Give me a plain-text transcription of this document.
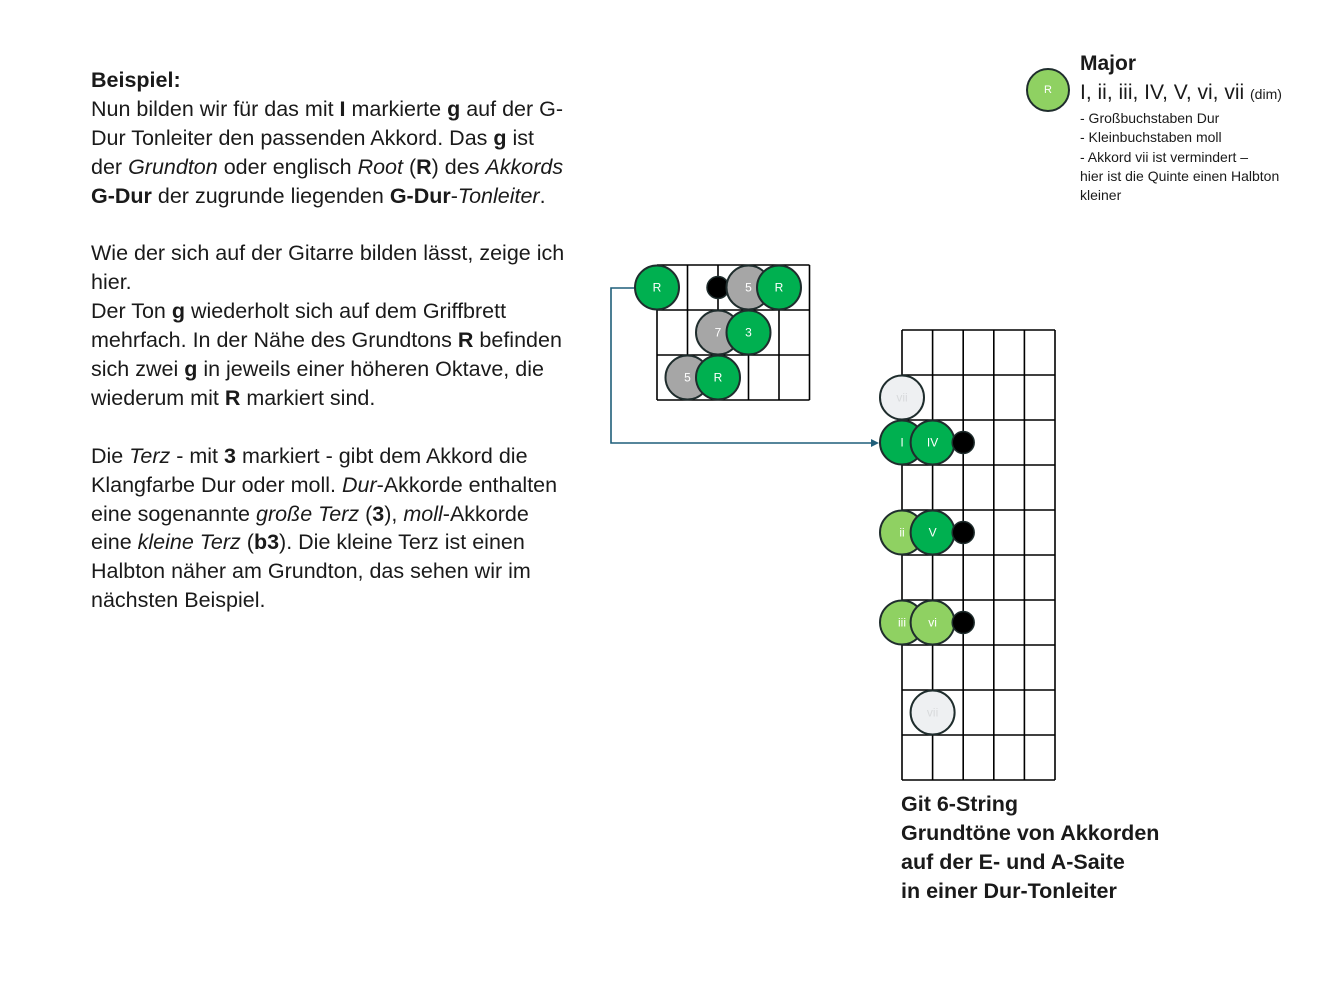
Beispiel:

Nun bilden wir für das mit I markierte g auf der G-Dur Tonleiter den passenden Akkord. Das g ist der Grundton oder englisch Root (R) des Akkords G-Dur der zugrunde liegenden G-Dur-Tonleiter.

Wie der sich auf der Gitarre bilden lässt, zeige ich hier.

Der Ton g wiederholt sich auf dem Griffbrett mehrfach. In der Nähe des Grundtons R befinden sich zwei g in jeweils einer höheren Oktave, die wiederum mit R markiert sind.

Die Terz - mit 3 markiert - gibt dem Akkord die Klangfarbe Dur oder moll. Dur-Akkorde enthalten eine sogenannte große Terz (3), moll-Akkorde eine kleine Terz (b3). Die kleine Terz ist einen Halbton näher am Grundton, das sehen wir im nächsten Beispiel.

R
Major
I, ii, iii, IV, V, vi, vii (dim)
- Großbuchstaben Dur
- Kleinbuchstaben moll
- Akkord vii ist vermindert –
hier ist die Quinte einen Halbton
kleiner
R	5 R
7 3
5 R
vii
I IV
ii V
iii vi
vii
Git 6-String
Grundtöne von Akkorden
auf der E- und A-Saite
in einer Dur-Tonleiter
